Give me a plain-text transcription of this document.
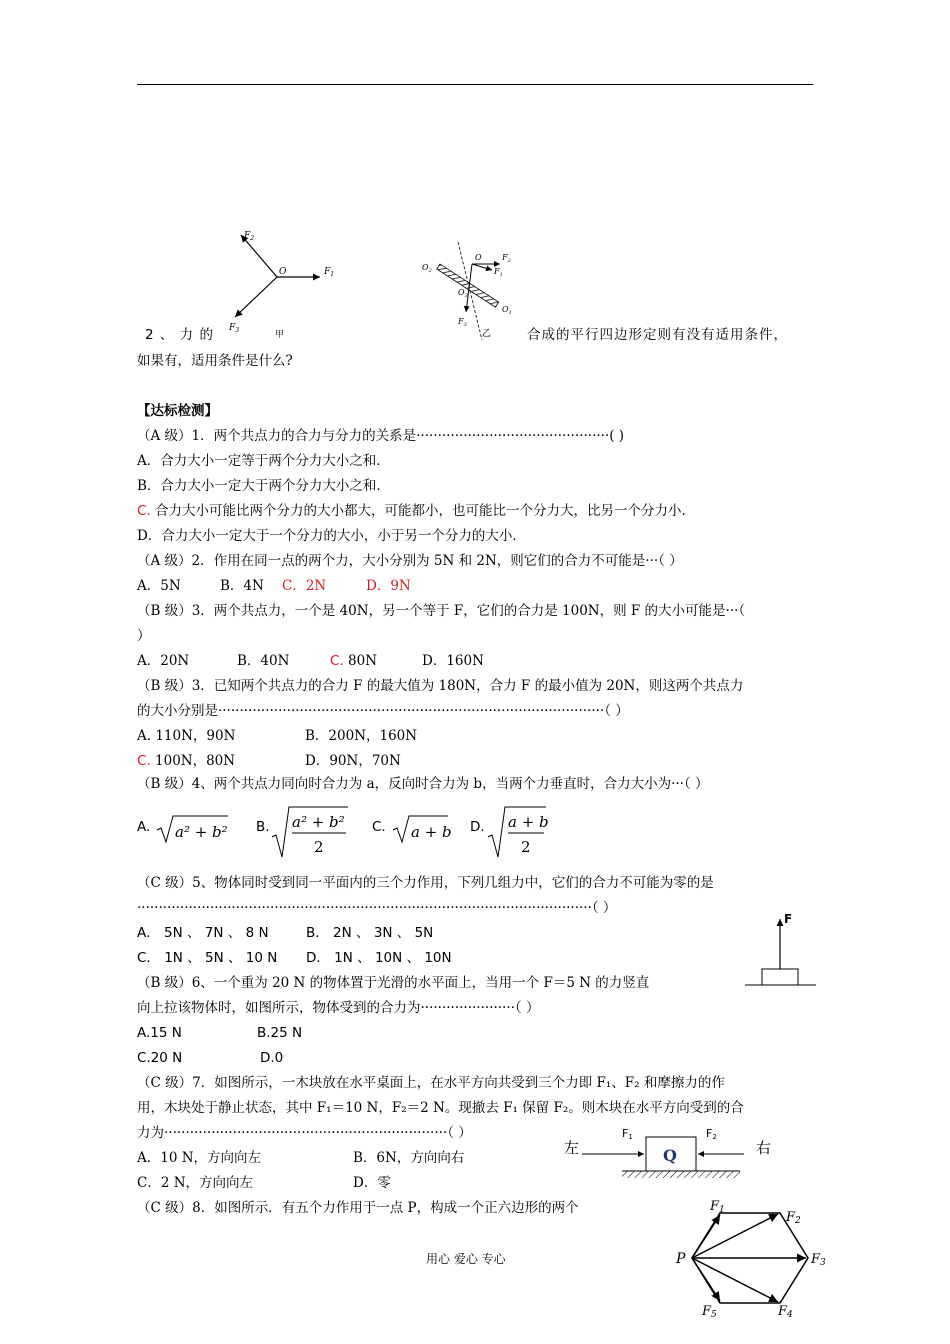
$F_2$
O	$F_1$
$F_3$	甲
O	$F_2$
$F_1$
$O_2$
$O_3$
$O_1$
$F_3$
乙
2 、 力 的	合成的平行四边形定则有没有适用条件，
如果有，适用条件是什么?
【达标检测】
（A 级）1．两个共点力的合力与分力的关系是·············································( )
A．合力大小一定等于两个分力大小之和．
B．合力大小一定大于两个分力大小之和．
C. 合力大小可能比两个分力的大小都大，可能都小，也可能比一个分力大，比另一个分力小．
D．合力大小一定大于一个分力的大小，小于另一个分力的大小．
（A 级）2．作用在同一点的两个力，大小分别为 5N 和 2N，则它们的合力不可能是···（ ）
A．5N	B．4N C．2N	D．9N
（B 级）3．两个共点力，一个是 40N，另一个等于 F，它们的合力是 100N，则 F 的大小可能是···（
）
A．20N	B．40N	C. 80N	D．160N
（B 级）3．已知两个共点力的合力 F 的最大值为 180N，合力 F 的最小值为 20N，则这两个共点力
的大小分别是··························································································（ ）
A. 110N，90N	B．200N，160N
C. 100N，80N	D．90N，70N
（B 级）4、两个共点力同向时合力为 a，反向时合力为 b，当两个力垂直时，合力大小为···（ ）
A. a² + b² B. a² + b²
2
C. a + b D. a + b
2
（C 级）5、物体同时受到同一平面内的三个力作用，下列几组力中，它们的合力不可能为零的是
··········································································································（ ）
A． 5N 、 7N 、 8 N	B． 2N 、 3N 、 5N
C． 1N 、 5N 、 10 N D． 1N 、 10N 、 10N
F
（B 级）6、一个重为 20 N 的物体置于光滑的水平面上，当用一个 F＝5 N 的力竖直
向上拉该物体时，如图所示，物体受到的合力为······················（ ）
A.15 N	B.25 N
C.20 N	D.0
（C 级）7．如图所示，一木块放在水平桌面上，在水平方向共受到三个力即 F₁、F₂ 和摩擦力的作
用，木块处于静止状态，其中 F₁＝10 N，F₂＝2 N。现撤去 F₁ 保留 F₂。则木块在水平方向受到的合
力为··································································（ ）
A．10 N，方向向左	B．6N，方向向右
C．2 N，方向向左	D．零
左	右
Q
F1	F2
（C 级）8．如图所示．有五个力作用于一点 P，构成一个正六边形的两个
P
F1	F2
F3
F4
F5
用心 爱心 专心
